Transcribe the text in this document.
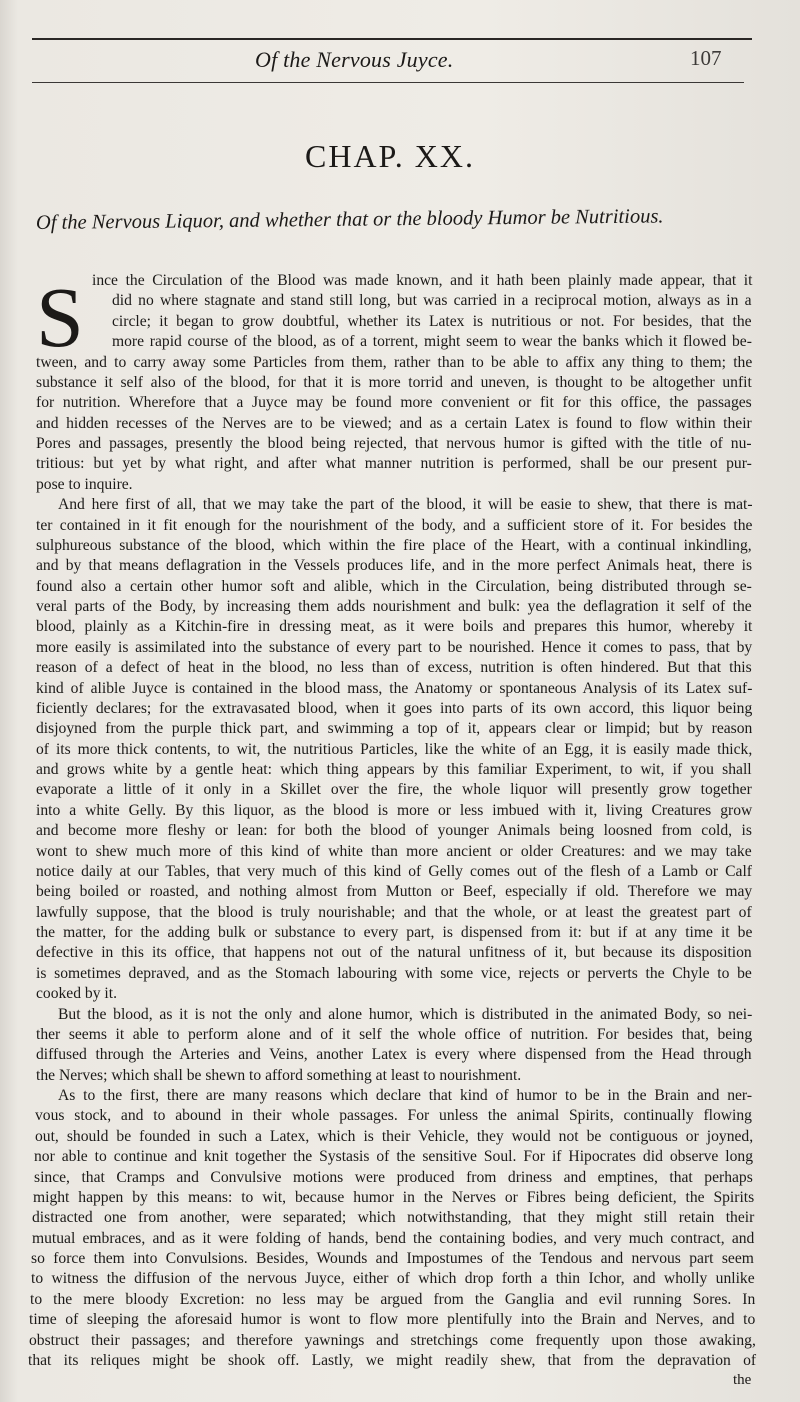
Of the Nervous Juyce.	107
CHAP. XX.
Of the Nervous Liquor, and whether that or the bloody Humor be Nutritious.
S ince the Circulation of the Blood was made known, and it hath been plainly made appear, that it
did no where stagnate and stand still long, but was carried in a reciprocal motion, always as in a
circle; it began to grow doubtful, whether its Latex is nutritious or not. For besides, that the
more rapid course of the blood, as of a torrent, might seem to wear the banks which it flowed be-
tween, and to carry away some Particles from them, rather than to be able to affix any thing to them; the
substance it self also of the blood, for that it is more torrid and uneven, is thought to be altogether unfit
for nutrition. Wherefore that a Juyce may be found more convenient or fit for this office, the passages
and hidden recesses of the Nerves are to be viewed; and as a certain Latex is found to flow within their
Pores and passages, presently the blood being rejected, that nervous humor is gifted with the title of nu-
tritious: but yet by what right, and after what manner nutrition is performed, shall be our present pur-
pose to inquire.
And here first of all, that we may take the part of the blood, it will be easie to shew, that there is mat-
ter contained in it fit enough for the nourishment of the body, and a sufficient store of it. For besides the
sulphureous substance of the blood, which within the fire place of the Heart, with a continual inkindling,
and by that means deflagration in the Vessels produces life, and in the more perfect Animals heat, there is
found also a certain other humor soft and alible, which in the Circulation, being distributed through se-
veral parts of the Body, by increasing them adds nourishment and bulk: yea the deflagration it self of the
blood, plainly as a Kitchin-fire in dressing meat, as it were boils and prepares this humor, whereby it
more easily is assimilated into the substance of every part to be nourished. Hence it comes to pass, that by
reason of a defect of heat in the blood, no less than of excess, nutrition is often hindered. But that this
kind of alible Juyce is contained in the blood mass, the Anatomy or spontaneous Analysis of its Latex suf-
ficiently declares; for the extravasated blood, when it goes into parts of its own accord, this liquor being
disjoyned from the purple thick part, and swimming a top of it, appears clear or limpid; but by reason
of its more thick contents, to wit, the nutritious Particles, like the white of an Egg, it is easily made thick,
and grows white by a gentle heat: which thing appears by this familiar Experiment, to wit, if you shall
evaporate a little of it only in a Skillet over the fire, the whole liquor will presently grow together
into a white Gelly. By this liquor, as the blood is more or less imbued with it, living Creatures grow
and become more fleshy or lean: for both the blood of younger Animals being loosned from cold, is
wont to shew much more of this kind of white than more ancient or older Creatures: and we may take
notice daily at our Tables, that very much of this kind of Gelly comes out of the flesh of a Lamb or Calf
being boiled or roasted, and nothing almost from Mutton or Beef, especially if old. Therefore we may
lawfully suppose, that the blood is truly nourishable; and that the whole, or at least the greatest part of
the matter, for the adding bulk or substance to every part, is dispensed from it: but if at any time it be
defective in this its office, that happens not out of the natural unfitness of it, but because its disposition
is sometimes depraved, and as the Stomach labouring with some vice, rejects or perverts the Chyle to be
cooked by it.
But the blood, as it is not the only and alone humor, which is distributed in the animated Body, so nei-
ther seems it able to perform alone and of it self the whole office of nutrition. For besides that, being
diffused through the Arteries and Veins, another Latex is every where dispensed from the Head through
the Nerves; which shall be shewn to afford something at least to nourishment.
As to the first, there are many reasons which declare that kind of humor to be in the Brain and ner-
vous stock, and to abound in their whole passages. For unless the animal Spirits, continually flowing
out, should be founded in such a Latex, which is their Vehicle, they would not be contiguous or joyned,
nor able to continue and knit together the Systasis of the sensitive Soul. For if Hipocrates did observe long
since, that Cramps and Convulsive motions were produced from driness and emptines, that perhaps
might happen by this means: to wit, because humor in the Nerves or Fibres being deficient, the Spirits
distracted one from another, were separated; which notwithstanding, that they might still retain their
mutual embraces, and as it were folding of hands, bend the containing bodies, and very much contract, and
so force them into Convulsions. Besides, Wounds and Impostumes of the Tendous and nervous part seem
to witness the diffusion of the nervous Juyce, either of which drop forth a thin Ichor, and wholly unlike
to the mere bloody Excretion: no less may be argued from the Ganglia and evil running Sores. In
time of sleeping the aforesaid humor is wont to flow more plentifully into the Brain and Nerves, and to
obstruct their passages; and therefore yawnings and stretchings come frequently upon those awaking,
that its reliques might be shook off. Lastly, we might readily shew, that from the depravation of
the
